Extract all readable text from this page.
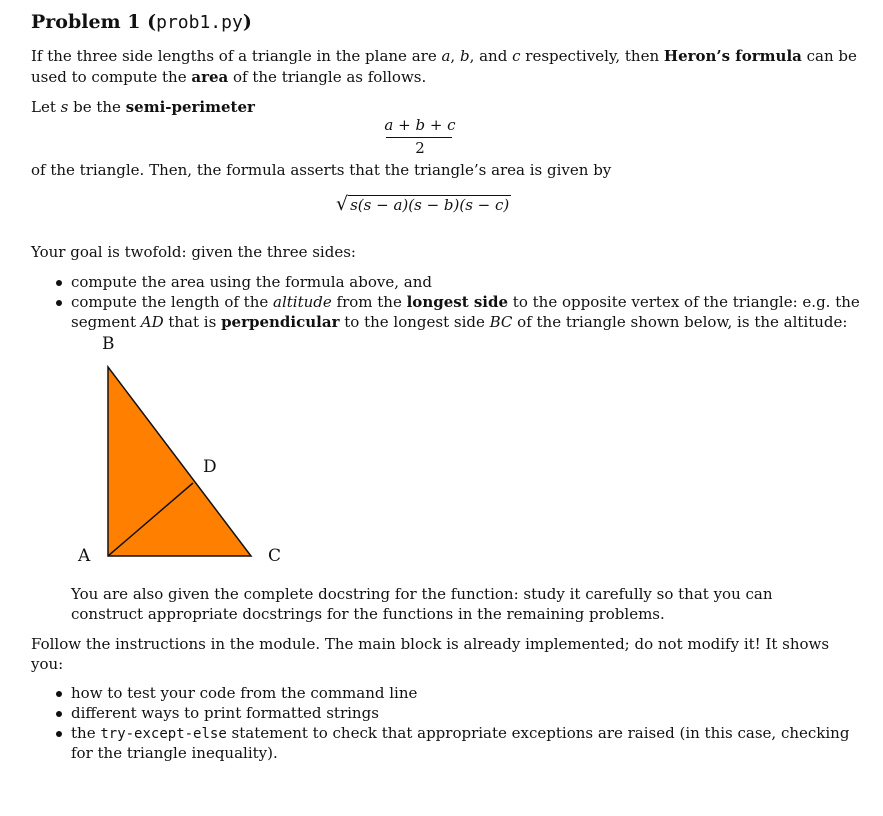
Problem 1 (prob1.py)

If the three side lengths of a triangle in the plane are a, b, and c respectively, then Heron’s formula can be

used to compute the area of the triangle as follows.

Let s be the semi-perimeter

a + b + c
2

of the triangle. Then, the formula asserts that the triangle’s area is given by

√ s(s − a)(s − b)(s − c)

Your goal is twofold: given the three sides:

compute the area using the formula above, and

compute the length of the altitude from the longest side to the opposite vertex of the triangle: e.g. the

segment AD that is perpendicular to the longest side BC of the triangle shown below, is the altitude:

B
D
A	C

You are also given the complete docstring for the function: study it carefully so that you can

construct appropriate docstrings for the functions in the remaining problems.

Follow the instructions in the module. The main block is already implemented; do not modify it! It shows

you:

how to test your code from the command line

different ways to print formatted strings

the try-except-else statement to check that appropriate exceptions are raised (in this case, checking

for the triangle inequality).
